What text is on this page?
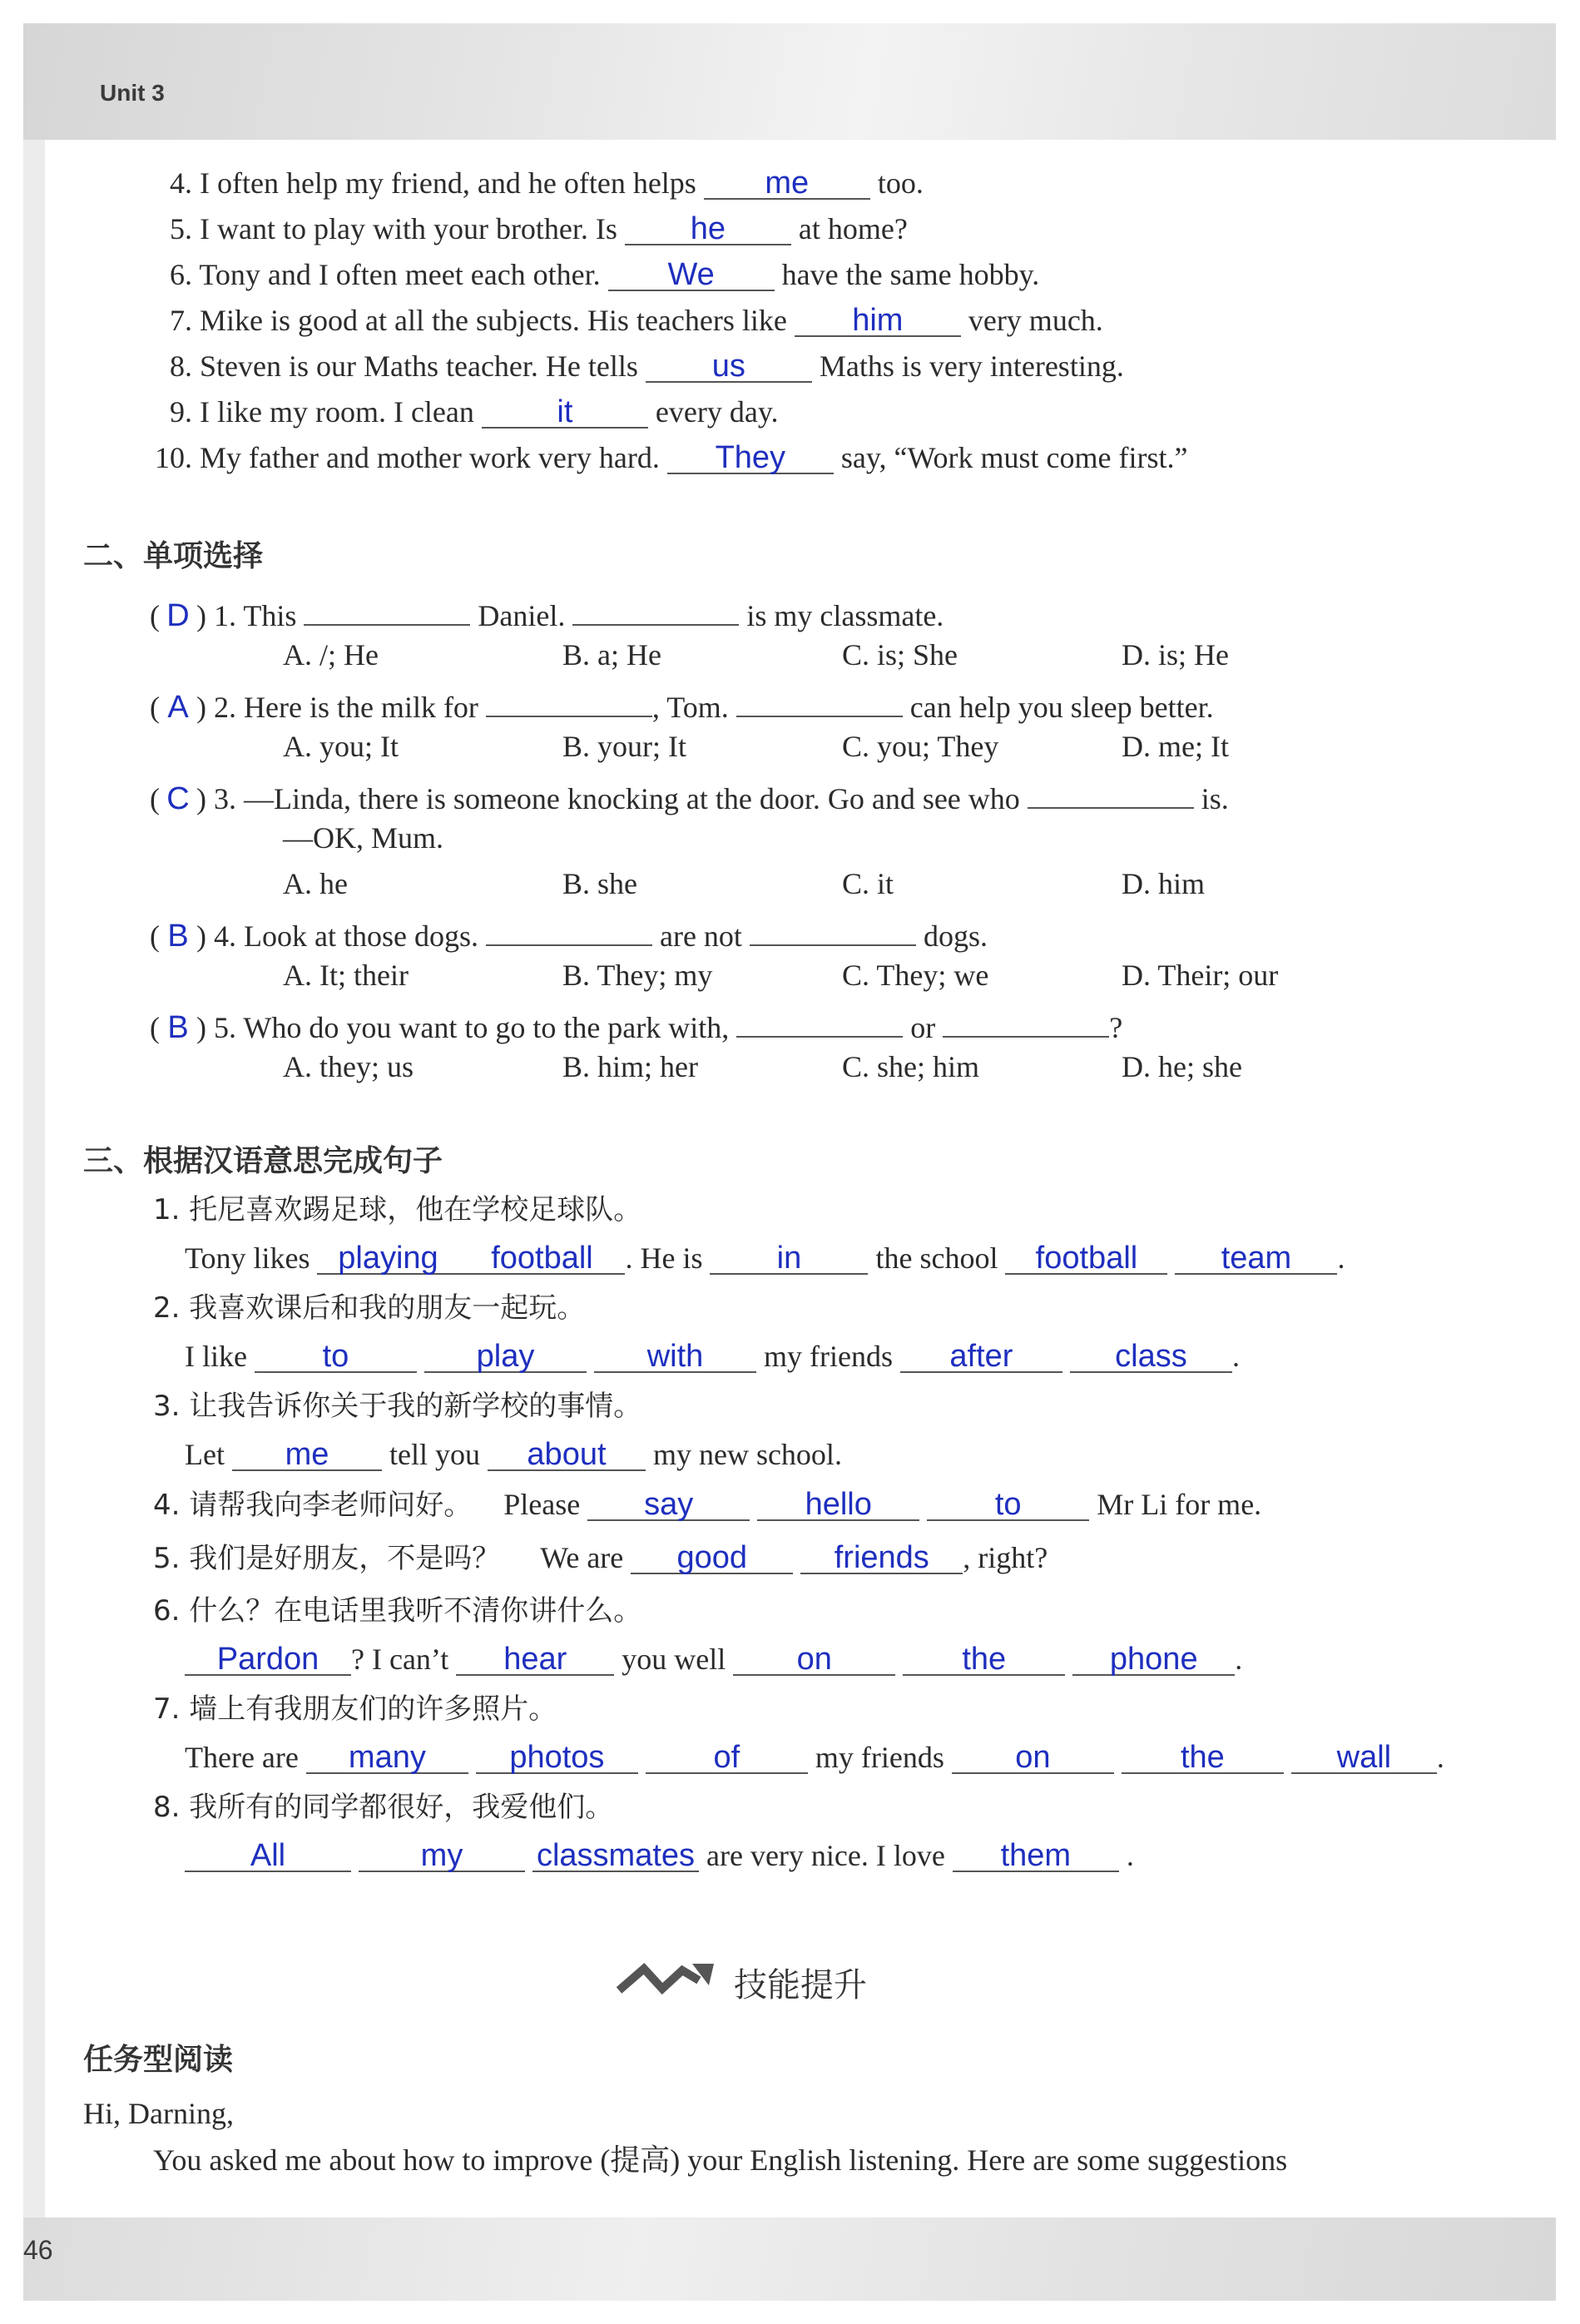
Unit 3
46
4. I often help my friend, and he often helps me too.
5. I want to play with your brother. Is he at home?
6. Tony and I often meet each other. We have the same hobby.
7. Mike is good at all the subjects. His teachers like him very much.
8. Steven is our Maths teacher. He tells us Maths is very interesting.
9. I like my room. I clean	it	every day.
10. My father and mother work very hard. They say, “Work must come first.”
二、单项选择
( D ) 1. This	Daniel.	is my classmate.
A. /; He	B. a; He	C. is; She	D. is; He
( A ) 2. Here is the milk for	, Tom.	can help you sleep better.
A. you; It	B. your; It	C. you; They	D. me; It
( C ) 3. —Linda, there is someone knocking at the door. Go and see who	is.
—OK, Mum.
A. he	B. she	C. it	D. him
( B ) 4. Look at those dogs.	are not	dogs.
A. It; their	B. They; my	C. They; we	D. Their; our
( B ) 5. Who do you want to go to the park with,	or	?
A. they; us	B. him; her	C. she; him	D. he; she
三、根据汉语意思完成句子
1. 托尼喜欢踢足球，他在学校足球队。
Tony likes playing football . He is in the school football	team .
2. 我喜欢课后和我的朋友一起玩。
I like to	play	with my friends after	class .
3. 让我告诉你关于我的新学校的事情。
Let me tell you about my new school.
4. 请帮我向李老师问好。 Please say	hello	to	Mr Li for me.
5. 我们是好朋友，不是吗？ We are good	friends , right?
6. 什么？在电话里我听不清你讲什么。
Pardon ? I can’t hear you well on	the	phone .
7. 墙上有我朋友们的许多照片。
There are many	photos	of	my friends on	the	wall .
8. 我所有的同学都很好，我爱他们。
All	my classmates are very nice. I love them .
技能提升
任务型阅读
Hi, Darning,
You asked me about how to improve (提高) your English listening. Here are some suggestions
